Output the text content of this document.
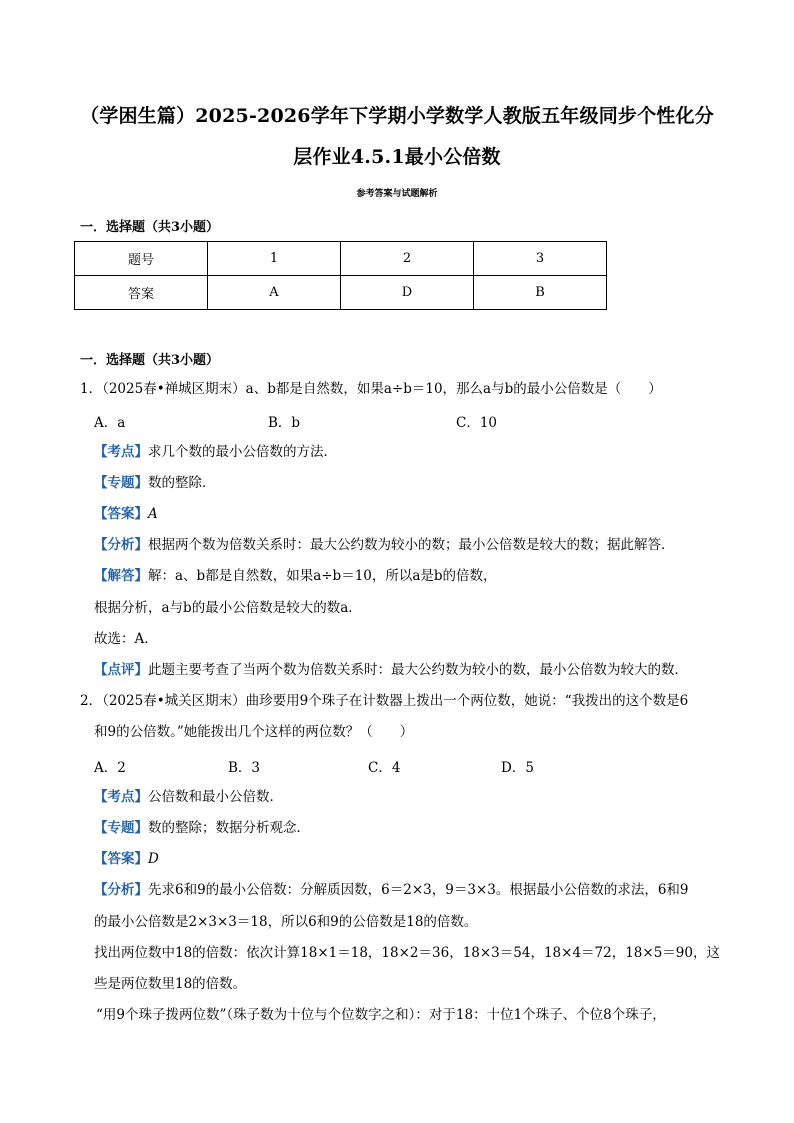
（学困生篇）2025-2026学年下学期小学数学人教版五年级同步个性化分
层作业4.5.1最小公倍数
参考答案与试题解析
一．选择题（共3小题）
题号	1	2	3
答案	A	D	B
一．选择题（共3小题）
1．（2025春•禅城区期末）a、b都是自然数，如果a÷b＝10，那么a与b的最小公倍数是（　　）
A．a	B．b	C．10
【考点】求几个数的最小公倍数的方法．
【专题】数的整除．
【答案】A
【分析】根据两个数为倍数关系时：最大公约数为较小的数；最小公倍数是较大的数；据此解答．
【解答】解：a、b都是自然数，如果a÷b＝10，所以a是b的倍数，
根据分析，a与b的最小公倍数是较大的数a．
故选：A．
【点评】此题主要考查了当两个数为倍数关系时：最大公约数为较小的数，最小公倍数为较大的数．
2．（2025春•城关区期末）曲珍要用9个珠子在计数器上拨出一个两位数，她说：“我拨出的这个数是6
和9的公倍数。”她能拨出几个这样的两位数？（　　）
A．2	B．3	C．4	D．5
【考点】公倍数和最小公倍数．
【专题】数的整除；数据分析观念．
【答案】D
【分析】先求6和9的最小公倍数：分解质因数，6＝2×3，9＝3×3。根据最小公倍数的求法，6和9
的最小公倍数是2×3×3＝18，所以6和9的公倍数是18的倍数。
找出两位数中18的倍数：依次计算18×1＝18，18×2＝36，18×3＝54，18×4＝72，18×5＝90，这
些是两位数里18的倍数。
“用9个珠子拨两位数”（珠子数为十位与个位数字之和）：对于18：十位1个珠子、个位8个珠子，
